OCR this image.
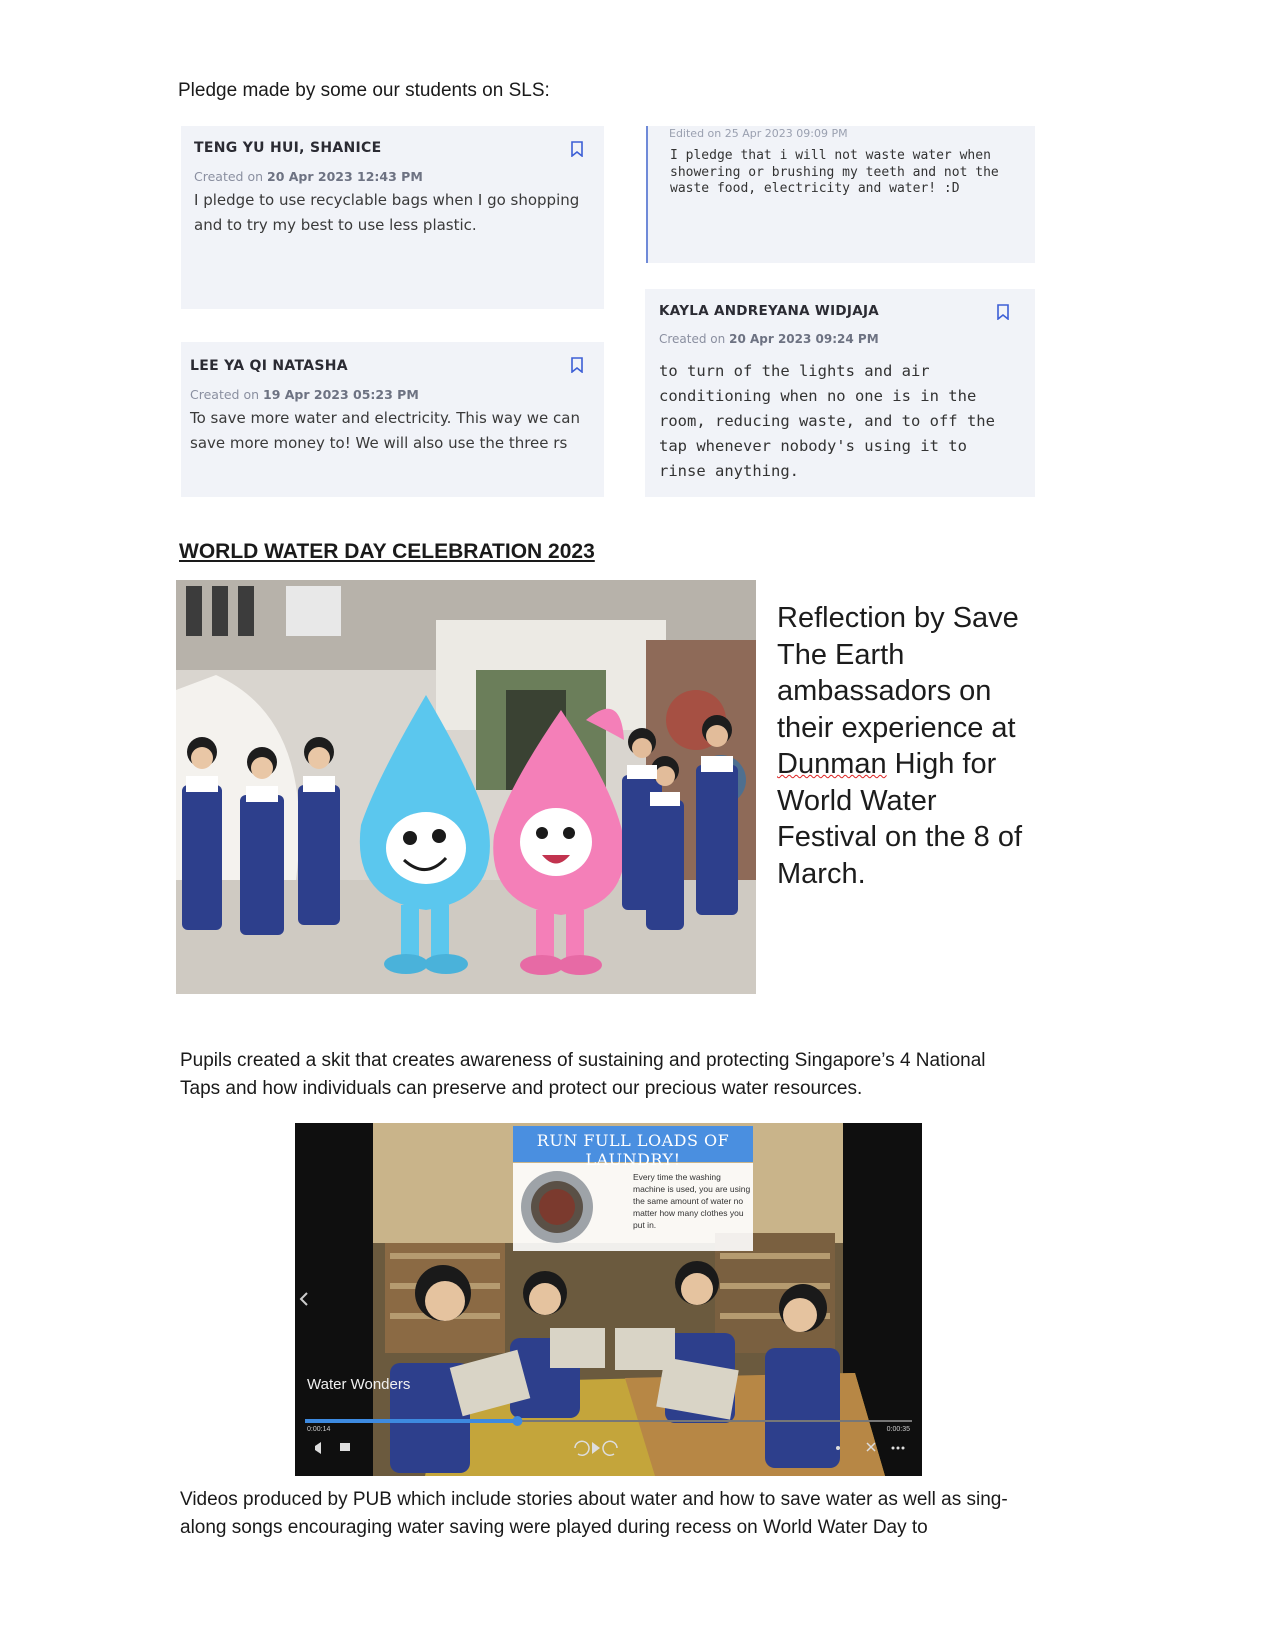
Pledge made by some our students on SLS:
TENG YU HUI, SHANICE
Created on 20 Apr 2023 12:43 PM
I pledge to use recyclable bags when I go shopping and to try my best to use less plastic.
Edited on 25 Apr 2023 09:09 PM
I pledge that i will not waste water when showering or brushing my teeth and not the waste food, electricity and water! :D
LEE YA QI NATASHA
Created on 19 Apr 2023 05:23 PM
To save more water and electricity. This way we can save more money to! We will also use the three rs
KAYLA ANDREYANA WIDJAJA
Created on 20 Apr 2023 09:24 PM
to turn of the lights and air conditioning when no one is in the room, reducing waste, and to off the tap whenever nobody's using it to rinse anything.
WORLD WATER DAY CELEBRATION 2023
Reflection by Save The Earth ambassadors on their experience at Dunman High for World Water Festival on the 8 of March.
Pupils created a skit that creates awareness of sustaining and protecting Singapore’s 4 National Taps and how individuals can preserve and protect our precious water resources.
RUN FULL LOADS OF LAUNDRY!
Every time the washing machine is used, you are using the same amount of water no matter how many clothes you put in.
Water Wonders
0:00:14	0:00:35
Videos produced by PUB which include stories about water and how to save water as well as sing-along songs encouraging water saving were played during recess on World Water Day to
